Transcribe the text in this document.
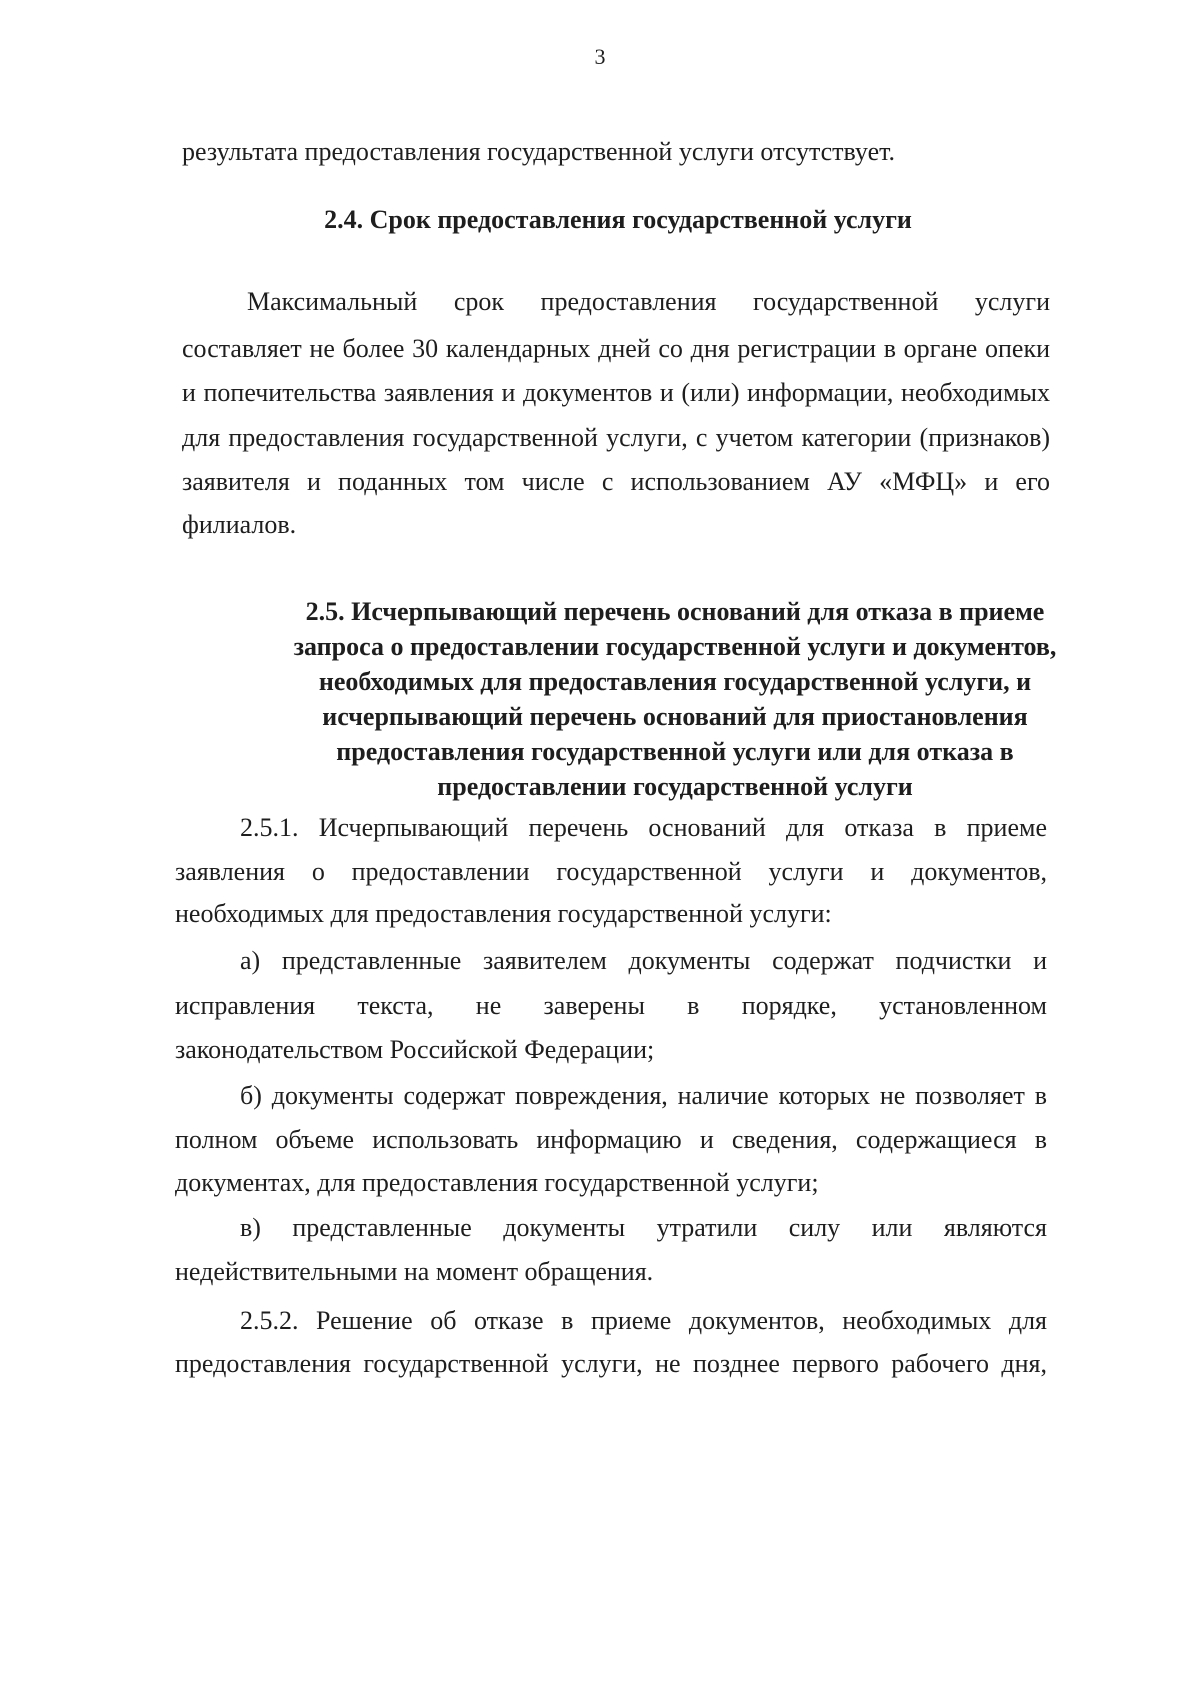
3

результата предоставления государственной услуги отсутствует.

2.4. Срок предоставления государственной услуги

Максимальный срок предоставления государственной услуги

составляет не более 30 календарных дней со дня регистрации в органе опеки

и попечительства заявления и документов и (или) информации, необходимых

для предоставления государственной услуги, с учетом категории (признаков)

заявителя и поданных том числе с использованием АУ «МФЦ» и его

филиалов.

2.5. Исчерпывающий перечень оснований для отказа в приеме
запроса о предоставлении государственной услуги и документов,
необходимых для предоставления государственной услуги, и
исчерпывающий перечень оснований для приостановления
предоставления государственной услуги или для отказа в
предоставлении государственной услуги

2.5.1. Исчерпывающий перечень оснований для отказа в приеме

заявления о предоставлении государственной услуги и документов,

необходимых для предоставления государственной услуги:

а) представленные заявителем документы содержат подчистки и

исправления текста, не заверены в порядке, установленном

законодательством Российской Федерации;

б) документы содержат повреждения, наличие которых не позволяет в

полном объеме использовать информацию и сведения, содержащиеся в

документах, для предоставления государственной услуги;

в) представленные документы утратили силу или являются

недействительными на момент обращения.

2.5.2. Решение об отказе в приеме документов, необходимых для

предоставления государственной услуги, не позднее первого рабочего дня,
